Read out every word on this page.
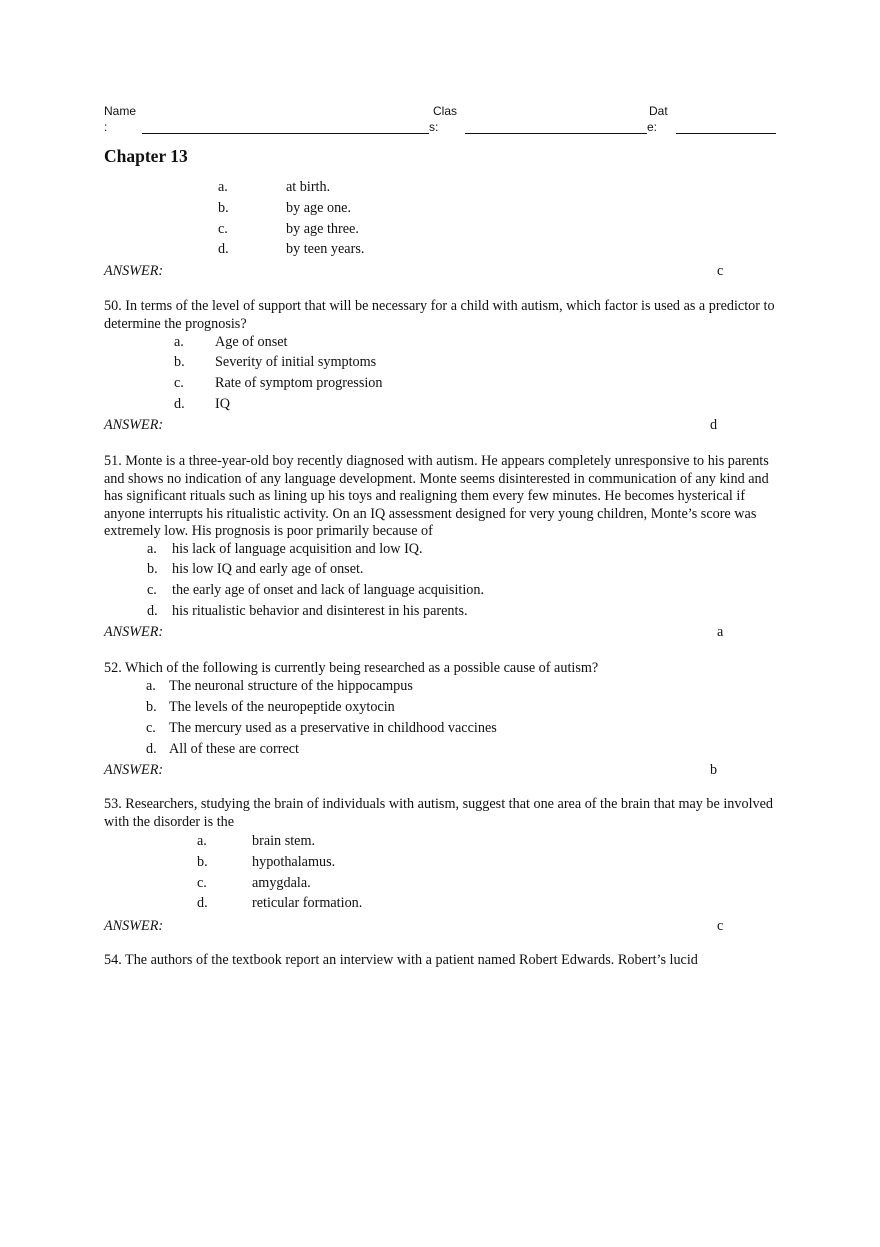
Name
:
Clas
s:
Dat
e:
Chapter 13
a.	at birth.
b.	by age one.
c.	by age three.
d.	by teen years.
ANSWER:	c
50. In terms of the level of support that will be necessary for a child with autism, which factor is used as a predictor to determine the prognosis?
a. Age of onset
b. Severity of initial symptoms
c. Rate of symptom progression
d. IQ
ANSWER:	d
51. Monte is a three-year-old boy recently diagnosed with autism. He appears completely unresponsive to his parents and shows no indication of any language development. Monte seems disinterested in communication of any kind and has significant rituals such as lining up his toys and realigning them every few minutes. He becomes hysterical if anyone interrupts his ritualistic activity. On an IQ assessment designed for very young children, Monte’s score was extremely low. His prognosis is poor primarily because of
a. his lack of language acquisition and low IQ.
b. his low IQ and early age of onset.
c. the early age of onset and lack of language acquisition.
d. his ritualistic behavior and disinterest in his parents.
ANSWER:	a
52. Which of the following is currently being researched as a possible cause of autism?
a. The neuronal structure of the hippocampus
b. The levels of the neuropeptide oxytocin
c. The mercury used as a preservative in childhood vaccines
d. All of these are correct
ANSWER:	b
53. Researchers, studying the brain of individuals with autism, suggest that one area of the brain that may be involved with the disorder is the
a.	brain stem.
b.	hypothalamus.
c.	amygdala.
d.	reticular formation.
ANSWER:	c
54. The authors of the textbook report an interview with a patient named Robert Edwards. Robert’s lucid
